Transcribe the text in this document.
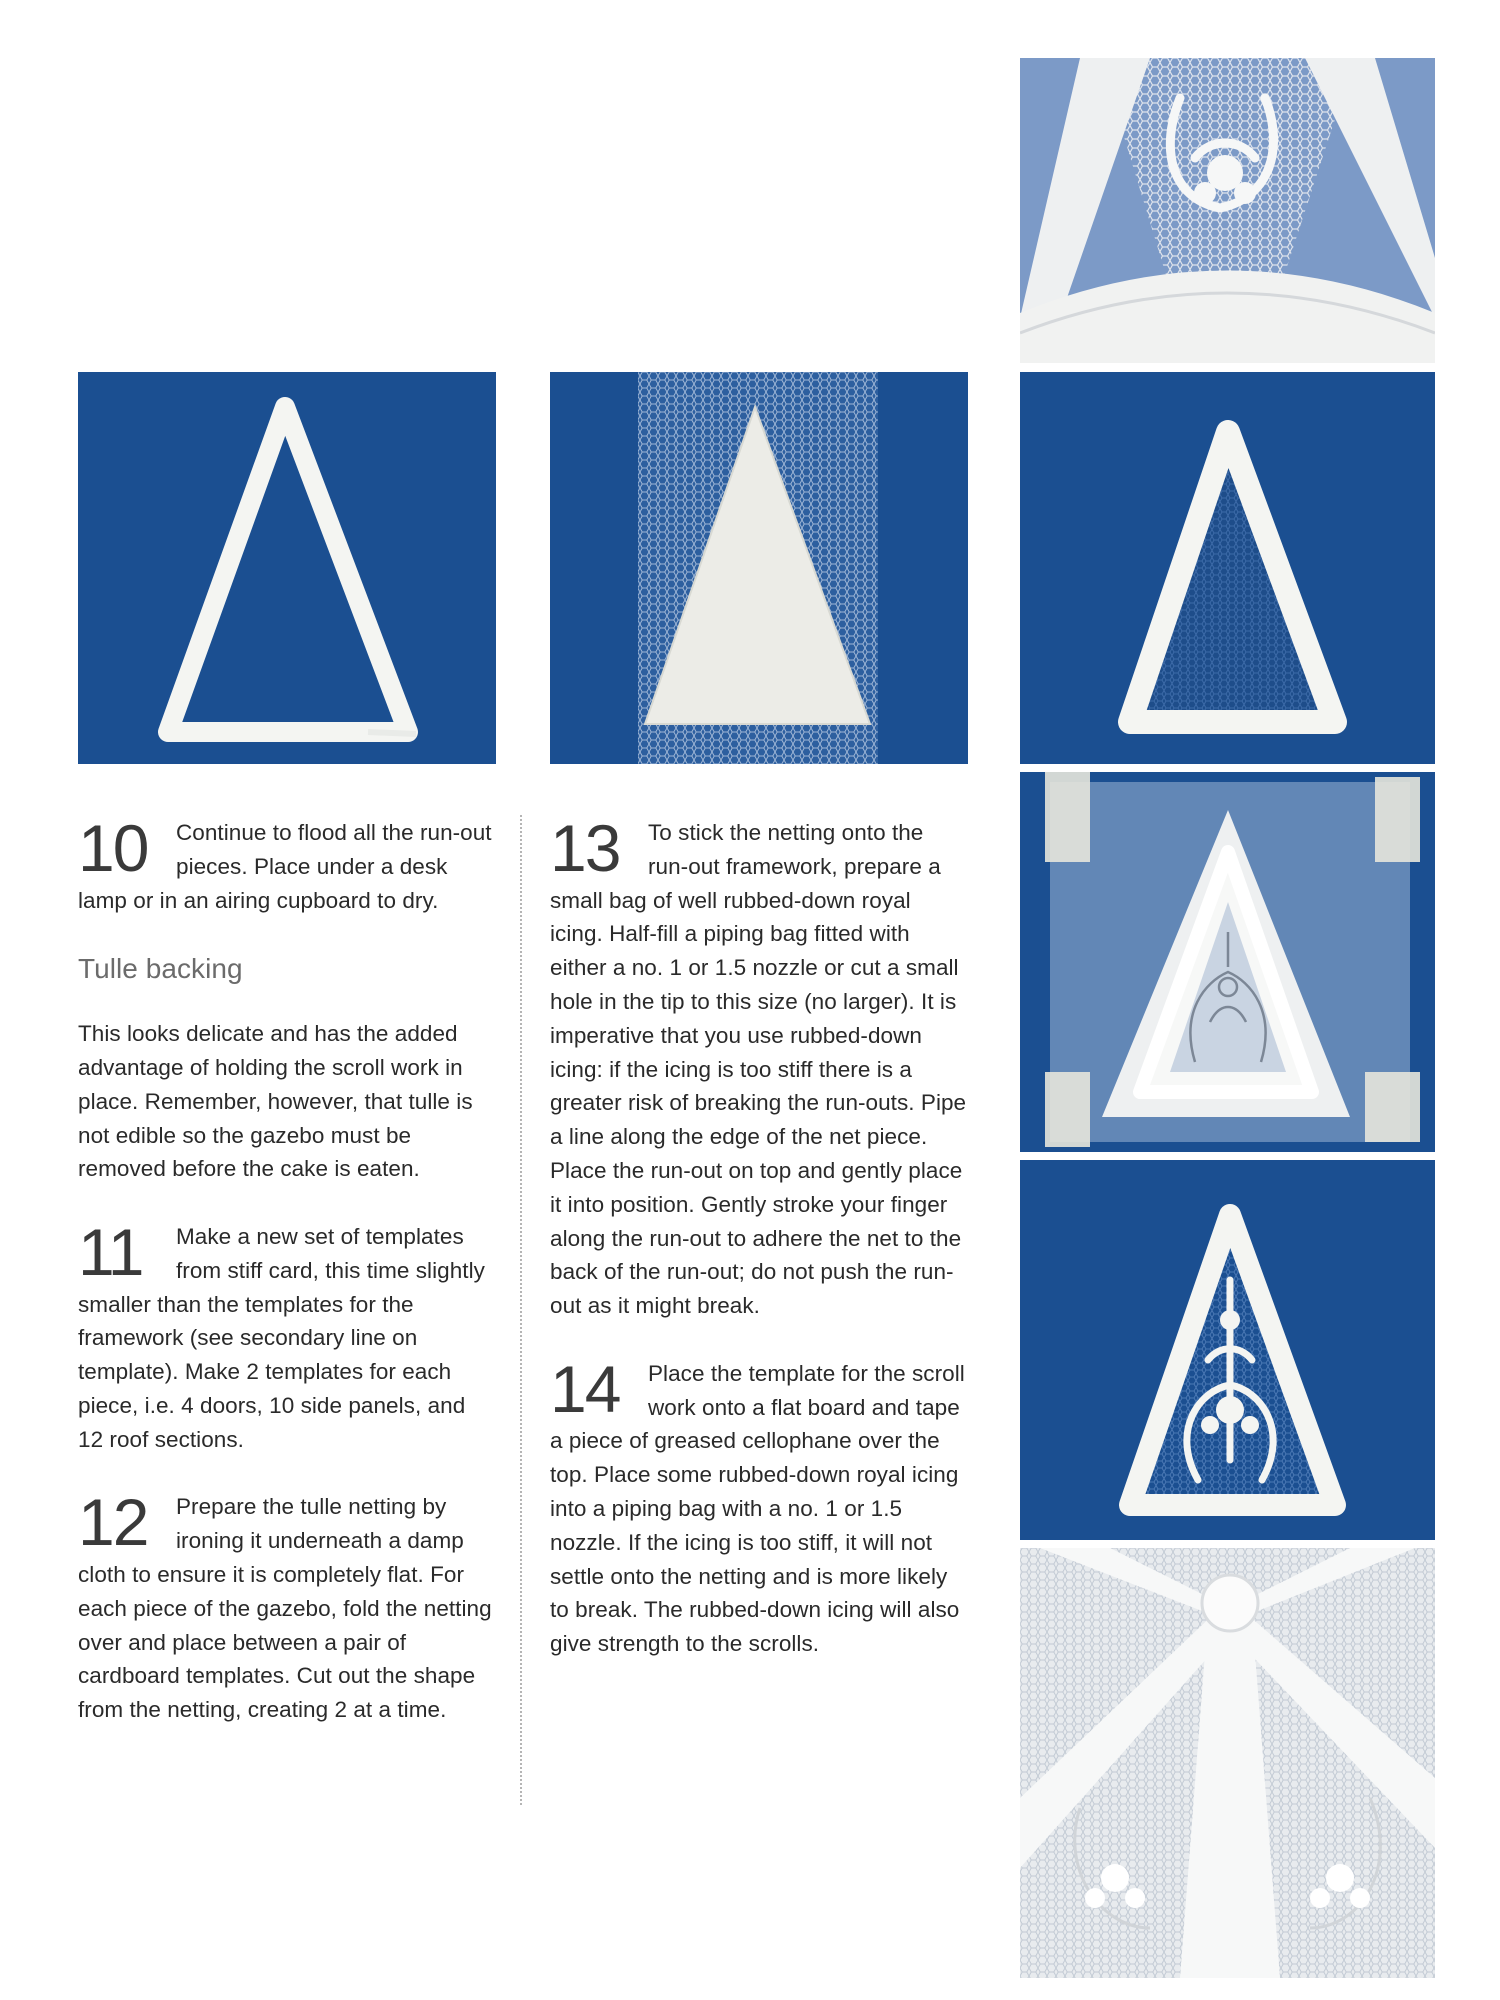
10	Continue to flood all the run-out pieces. Place under a desk lamp or in an airing cupboard to dry.

Tulle backing

This looks delicate and has the added advantage of holding the scroll work in place. Remember, however, that tulle is not edible so the gazebo must be removed before the cake is eaten.

11	Make a new set of templates from stiff card, this time slightly smaller than the templates for the framework (see secondary line on template). Make 2 templates for each piece, i.e. 4 doors, 10 side panels, and 12 roof sections.

12	Prepare the tulle netting by ironing it underneath a damp cloth to ensure it is completely flat. For each piece of the gazebo, fold the netting over and place between a pair of cardboard templates. Cut out the shape from the netting, creating 2 at a time.

13	To stick the netting onto the run-out framework, prepare a small bag of well rubbed-down royal icing. Half-fill a piping bag fitted with either a no. 1 or 1.5 nozzle or cut a small hole in the tip to this size (no larger). It is imperative that you use rubbed-down icing: if the icing is too stiff there is a greater risk of breaking the run-outs. Pipe a line along the edge of the net piece. Place the run-out on top and gently place it into position. Gently stroke your finger along the run-out to adhere the net to the back of the run-out; do not push the run-out as it might break.

14	Place the template for the scroll work onto a flat board and tape a piece of greased cellophane over the top. Place some rubbed-down royal icing into a piping bag with a no. 1 or 1.5 nozzle. If the icing is too stiff, it will not settle onto the netting and is more likely to break. The rubbed-down icing will also give strength to the scrolls.
